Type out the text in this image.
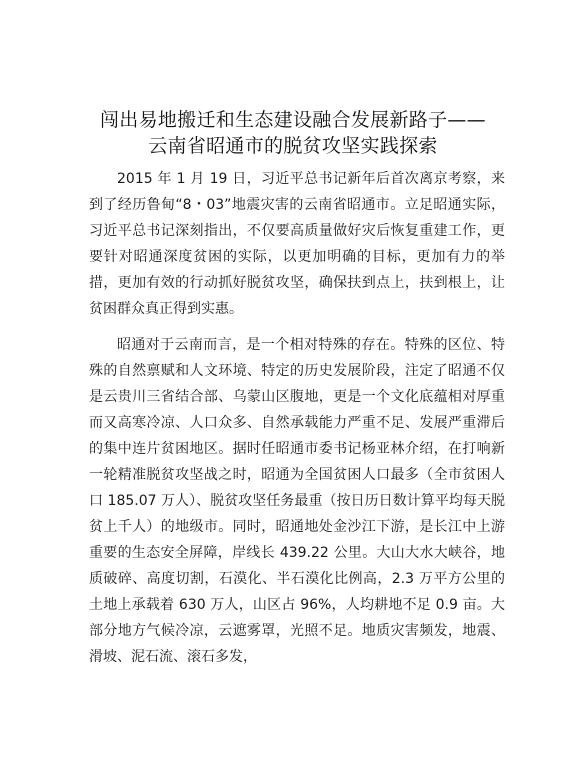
闯出易地搬迁和生态建设融合发展新路子——
云南省昭通市的脱贫攻坚实践探索

2015 年 1 月 19 日，习近平总书记新年后首次离京考察，来到了经历鲁甸“8・03”地震灾害的云南省昭通市。立足昭通实际，习近平总书记深刻指出，不仅要高质量做好灾后恢复重建工作，更要针对昭通深度贫困的实际，以更加明确的目标，更加有力的举措，更加有效的行动抓好脱贫攻坚，确保扶到点上，扶到根上，让贫困群众真正得到实惠。

昭通对于云南而言，是一个相对特殊的存在。特殊的区位、特殊的自然禀赋和人文环境、特定的历史发展阶段，注定了昭通不仅是云贵川三省结合部、乌蒙山区腹地，更是一个文化底蕴相对厚重而又高寒冷凉、人口众多、自然承载能力严重不足、发展严重滞后的集中连片贫困地区。据时任昭通市委书记杨亚林介绍，在打响新一轮精准脱贫攻坚战之时，昭通为全国贫困人口最多（全市贫困人口 185.07 万人）、脱贫攻坚任务最重（按日历日数计算平均每天脱贫上千人）的地级市。同时，昭通地处金沙江下游，是长江中上游重要的生态安全屏障，岸线长 439.22 公里。大山大水大峡谷，地质破碎、高度切割，石漠化、半石漠化比例高，2.3 万平方公里的土地上承载着 630 万人，山区占 96%，人均耕地不足 0.9 亩。大部分地方气候冷凉，云遮雾罩，光照不足。地质灾害频发，地震、滑坡、泥石流、滚石多发，
